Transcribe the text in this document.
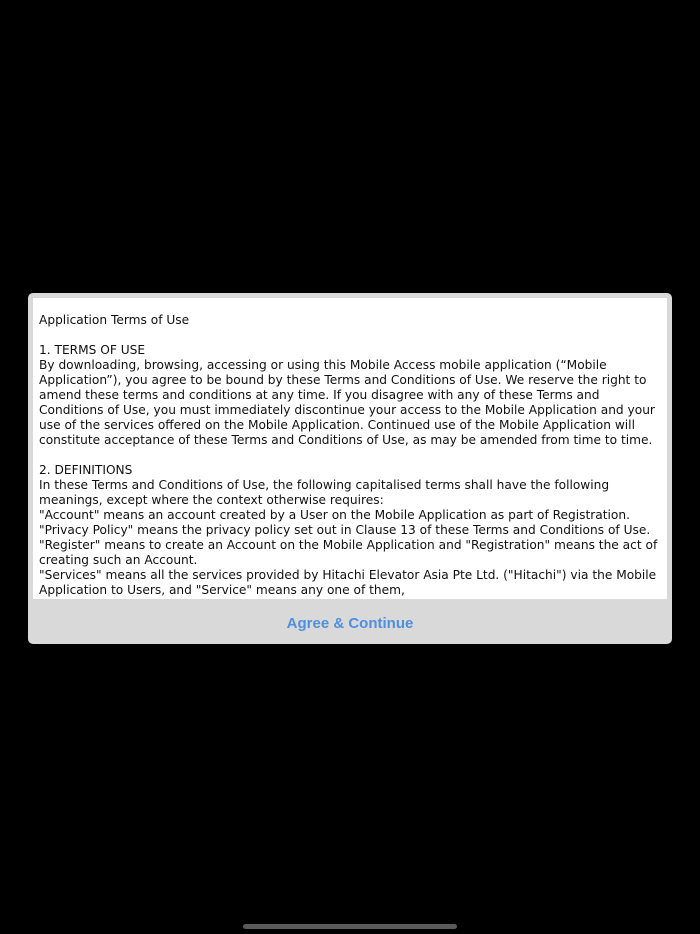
Application Terms of Use

1. TERMS OF USE

By downloading, browsing, accessing or using this Mobile Access mobile application (“Mobile Application”), you agree to be bound by these Terms and Conditions of Use. We reserve the right to amend these terms and conditions at any time. If you disagree with any of these Terms and Conditions of Use, you must immediately discontinue your access to the Mobile Application and your use of the services offered on the Mobile Application. Continued use of the Mobile Application will constitute acceptance of these Terms and Conditions of Use, as may be amended from time to time.

2. DEFINITIONS

In these Terms and Conditions of Use, the following capitalised terms shall have the following meanings, except where the context otherwise requires:

"Account" means an account created by a User on the Mobile Application as part of Registration.

"Privacy Policy" means the privacy policy set out in Clause 13 of these Terms and Conditions of Use.

"Register" means to create an Account on the Mobile Application and "Registration" means the act of creating such an Account.

"Services" means all the services provided by Hitachi Elevator Asia Pte Ltd. ("Hitachi") via the Mobile Application to Users, and "Service" means any one of them,

Agree & Continue
